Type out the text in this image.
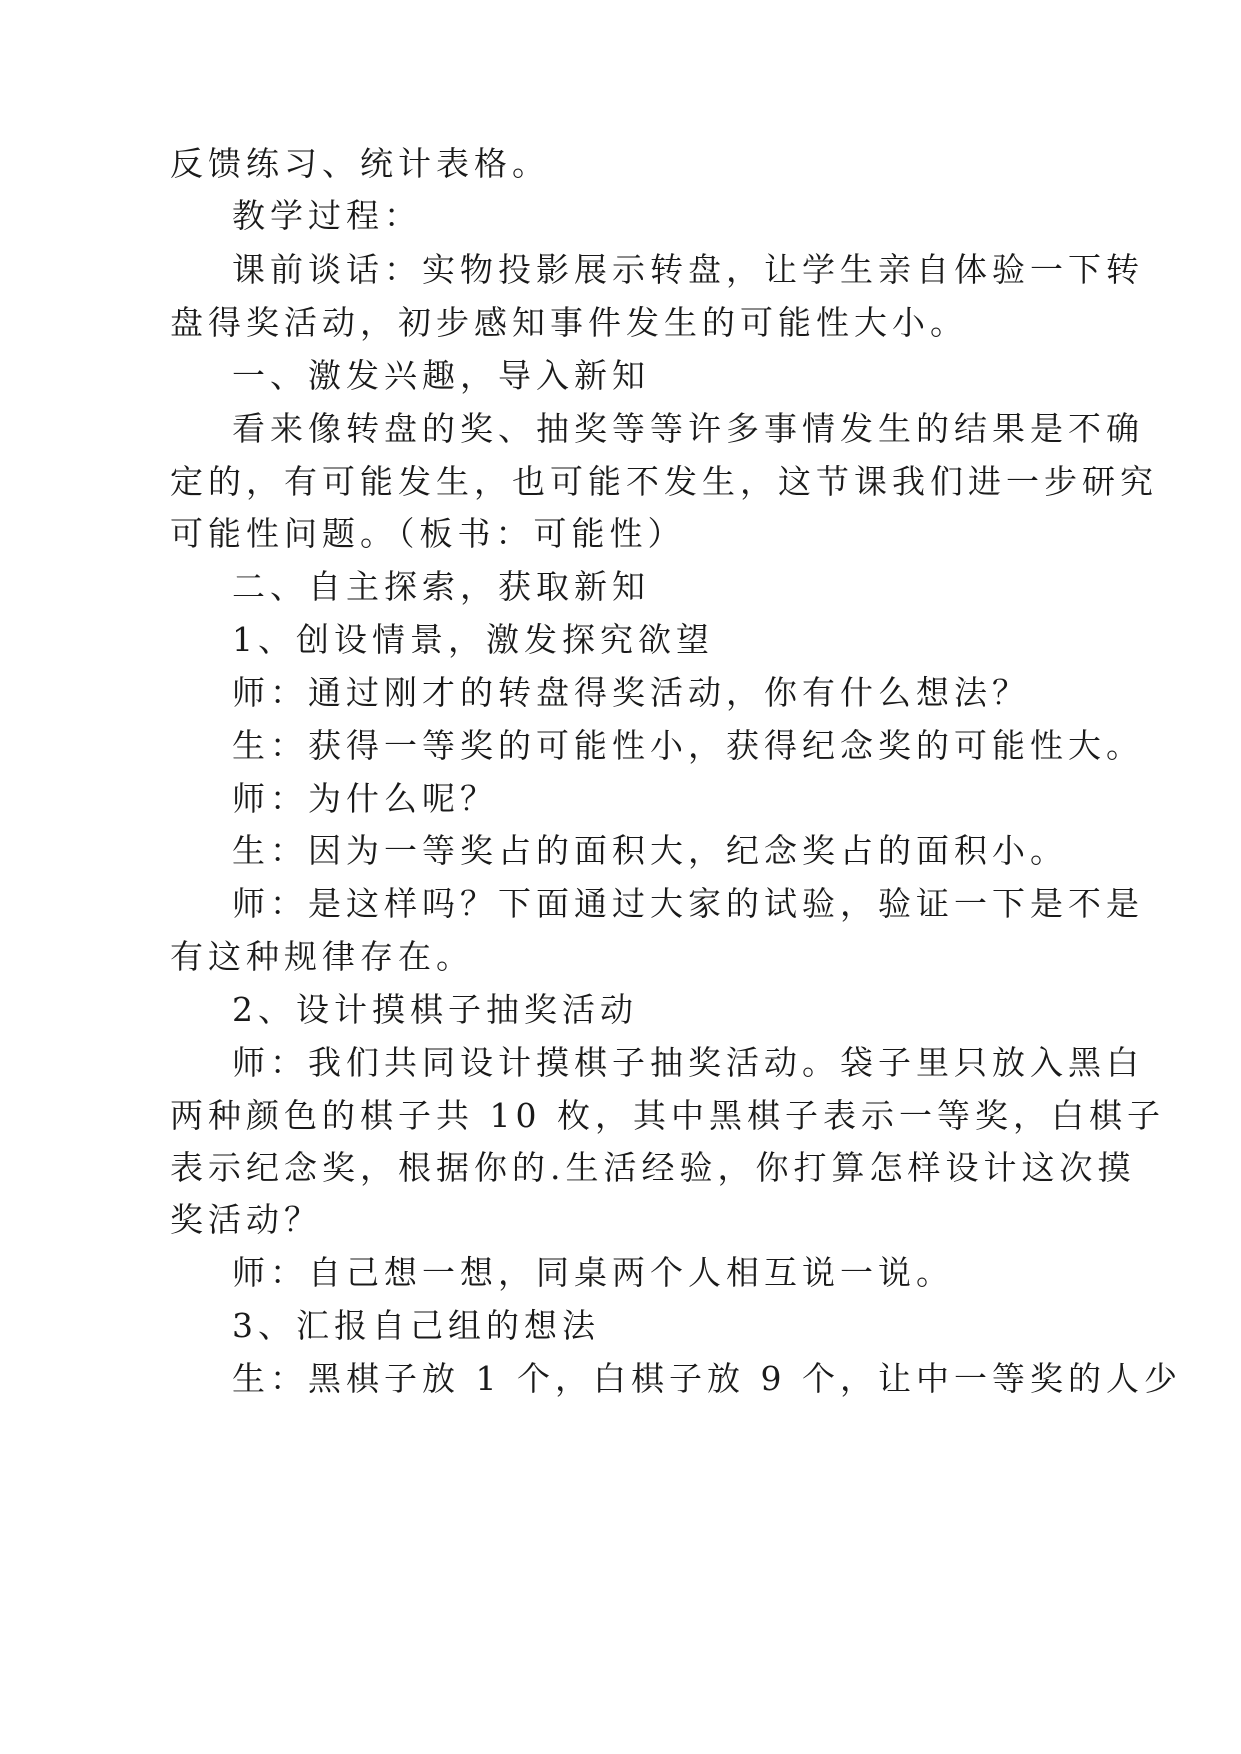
反馈练习、统计表格。
教学过程：
课前谈话：实物投影展示转盘，让学生亲自体验一下转
盘得奖活动，初步感知事件发生的可能性大小。
一、激发兴趣，导入新知
看来像转盘的奖、抽奖等等许多事情发生的结果是不确
定的，有可能发生，也可能不发生，这节课我们进一步研究
可能性问题。（板书：可能性）
二、自主探索，获取新知
1、创设情景，激发探究欲望
师：通过刚才的转盘得奖活动，你有什么想法？
生：获得一等奖的可能性小，获得纪念奖的可能性大。
师：为什么呢？
生：因为一等奖占的面积大，纪念奖占的面积小。
师：是这样吗？下面通过大家的试验，验证一下是不是
有这种规律存在。
2、设计摸棋子抽奖活动
师：我们共同设计摸棋子抽奖活动。袋子里只放入黑白
两种颜色的棋子共 10 枚，其中黑棋子表示一等奖，白棋子
表示纪念奖，根据你的.生活经验，你打算怎样设计这次摸
奖活动？
师：自己想一想，同桌两个人相互说一说。
3、汇报自己组的想法
生：黑棋子放 1 个，白棋子放 9 个，让中一等奖的人少
